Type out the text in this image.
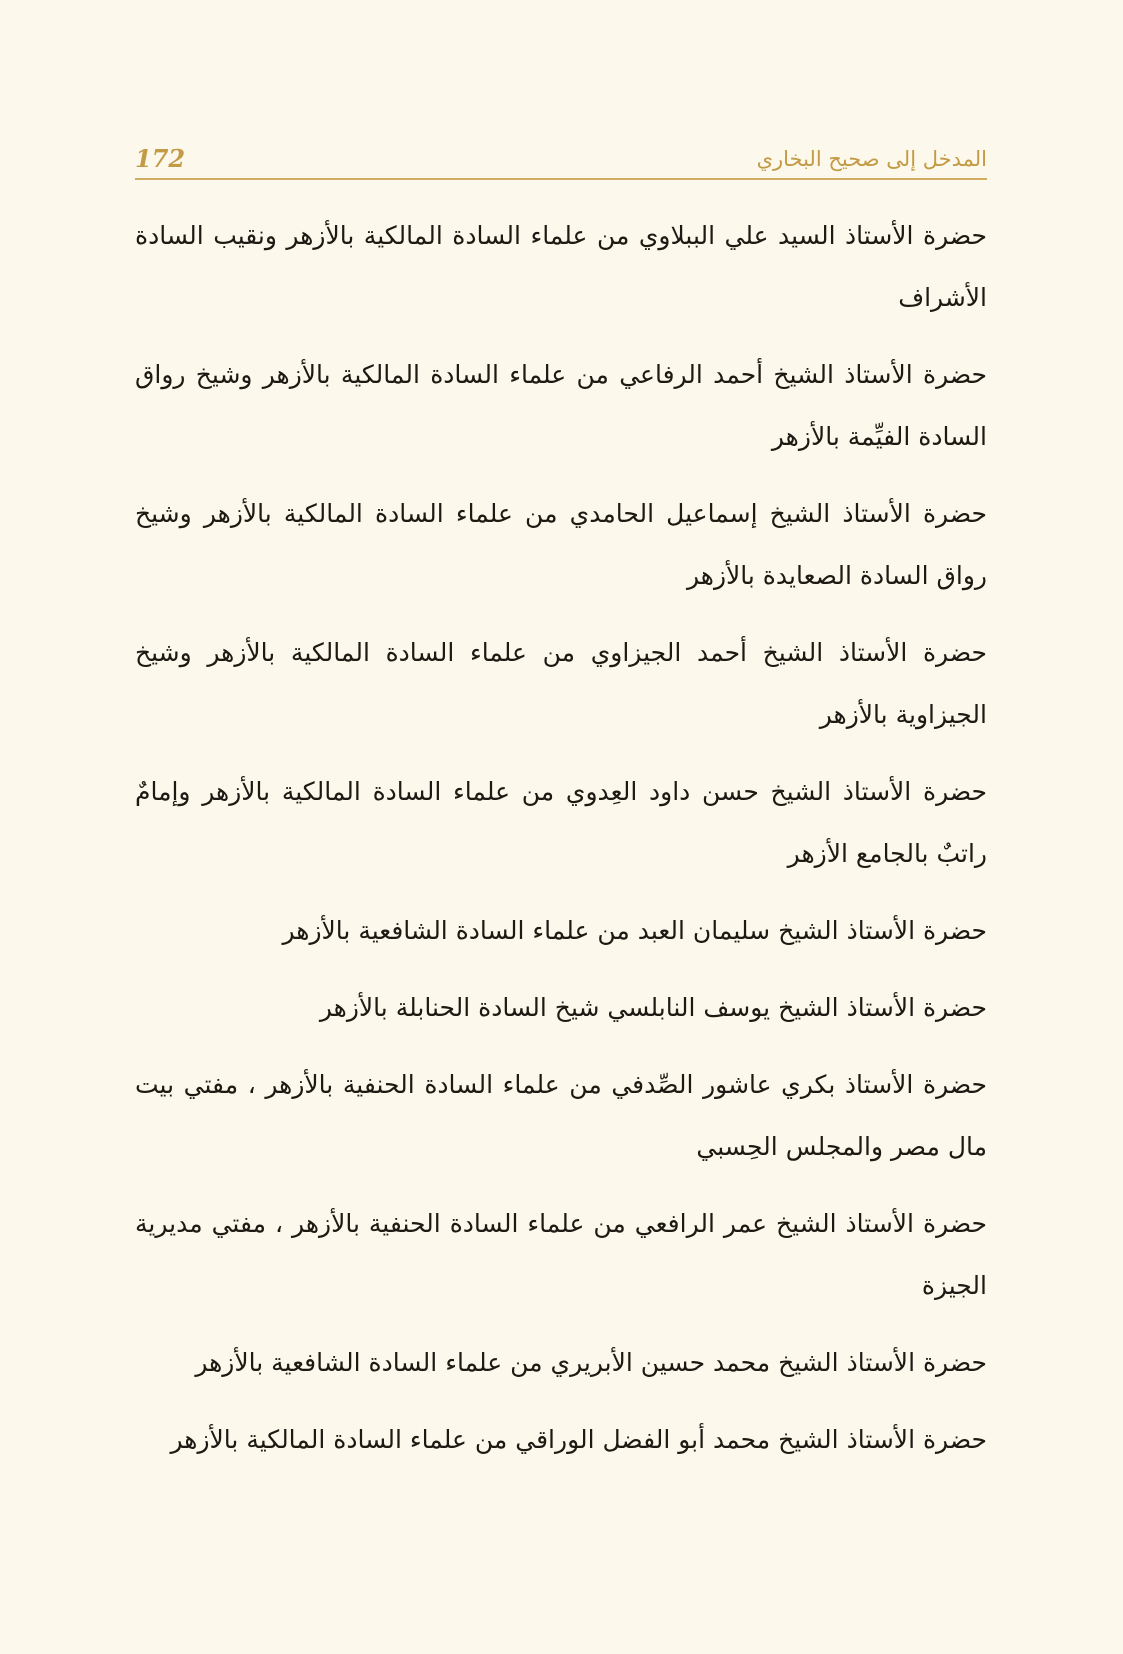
172	المدخل إلى صحيح البخاري
حضرة الأستاذ السيد علي الببلاوي من علماء السادة المالكية بالأزهر ونقيب السادة الأشراف
حضرة الأستاذ الشيخ أحمد الرفاعي من علماء السادة المالكية بالأزهر وشيخ رواق السادة الفيِّمة بالأزهر
حضرة الأستاذ الشيخ إسماعيل الحامدي من علماء السادة المالكية بالأزهر وشيخ رواق السادة الصعايدة بالأزهر
حضرة الأستاذ الشيخ أحمد الجيزاوي من علماء السادة المالكية بالأزهر وشيخ الجيزاوية بالأزهر
حضرة الأستاذ الشيخ حسن داود العِدوي من علماء السادة المالكية بالأزهر وإمامٌ راتبٌ بالجامع الأزهر
حضرة الأستاذ الشيخ سليمان العبد من علماء السادة الشافعية بالأزهر
حضرة الأستاذ الشيخ يوسف النابلسي شيخ السادة الحنابلة بالأزهر
حضرة الأستاذ بكري عاشور الصِّدفي من علماء السادة الحنفية بالأزهر ، مفتي بيت مال مصر والمجلس الحِسبي
حضرة الأستاذ الشيخ عمر الرافعي من علماء السادة الحنفية بالأزهر ، مفتي مديرية الجيزة
حضرة الأستاذ الشيخ محمد حسين الأبريري من علماء السادة الشافعية بالأزهر
حضرة الأستاذ الشيخ محمد أبو الفضل الوراقي من علماء السادة المالكية بالأزهر
